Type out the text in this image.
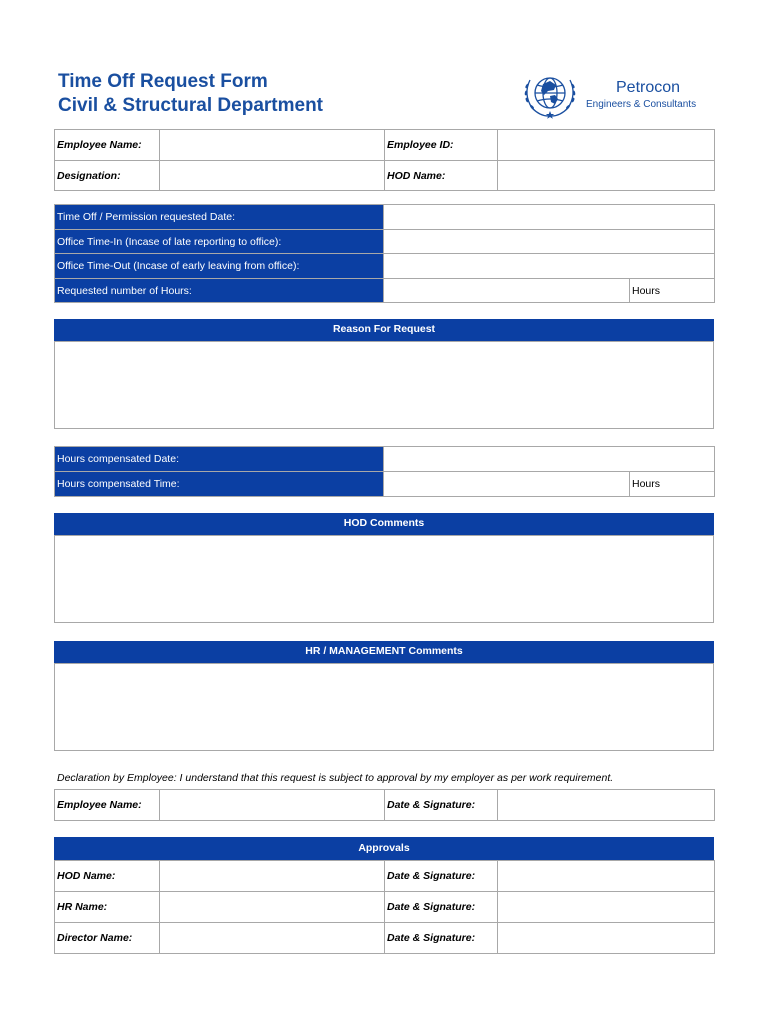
Time Off Request Form
Civil & Structural Department
Petrocon
Engineers & Consultants
Employee Name:		Employee ID:	
Designation:		HOD Name:	
Time Off / Permission requested Date:		
Office Time-In (Incase of late reporting to office):		
Office Time-Out (Incase of early leaving from office):		
Requested number of Hours:		Hours
Reason For Request
Hours compensated Date:		
Hours compensated Time:		Hours
HOD Comments
HR / MANAGEMENT Comments
Declaration by Employee: I understand that this request is subject to approval by my employer as per work requirement.
Employee Name:		Date & Signature:	
Approvals
HOD Name:		Date & Signature:	
HR Name:		Date & Signature:	
Director Name:		Date & Signature:	
